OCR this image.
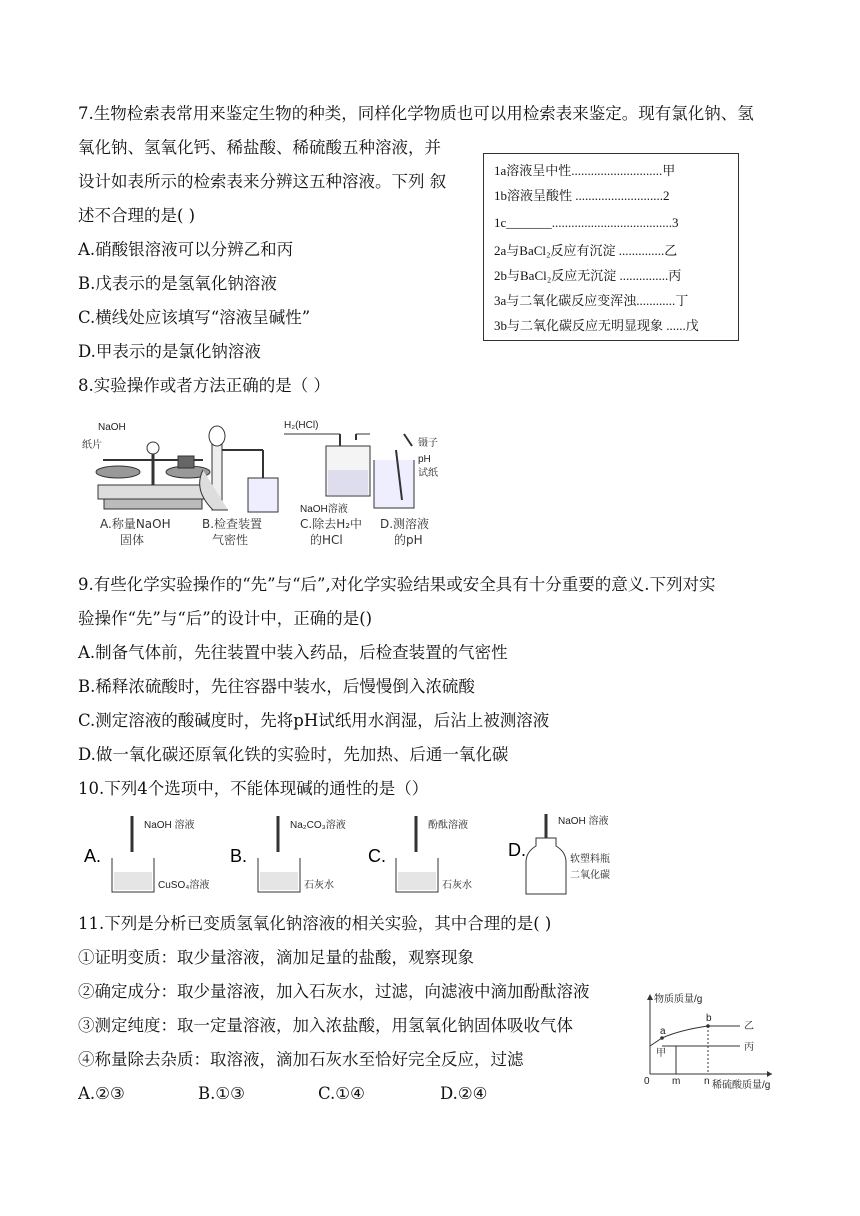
7.生物检索表常用来鉴定生物的种类，同样化学物质也可以用检索表来鉴定。现有氯化钠、氢
氧化钠、氢氧化钙、稀盐酸、稀硫酸五种溶液，并
设计如表所示的检索表来分辨这五种溶液。下列 叙
述不合理的是( )
A.硝酸银溶液可以分辨乙和丙
B.戊表示的是氢氧化钠溶液
C.横线处应该填写“溶液呈碱性”
D.甲表示的是氯化钠溶液
1a溶液呈中性............................甲
1b溶液呈酸性 ...........................2
1c_______.....................................3
2a与BaCl₂反应有沉淀 ..............乙
2b与BaCl₂反应无沉淀 ...............丙
3a与二氧化碳反应变浑浊............丁
3b与二氧化碳反应无明显现象 ......戊
8.实验操作或者方法正确的是（ ）
NaOH
纸片
A.称量NaOH
固体
B.检查装置
气密性
H₂(HCl)
NaOH溶液
C.除去H₂中
的HCl
镊子
pH
试纸
D.测溶液
的pH
9.有些化学实验操作的“先”与“后”,对化学实验结果或安全具有十分重要的意义.下列对实
验操作“先”与“后”的设计中，正确的是()
A.制备气体前，先往装置中装入药品，后检查装置的气密性
B.稀释浓硫酸时，先往容器中装水，后慢慢倒入浓硫酸
C.测定溶液的酸碱度时，先将pH试纸用水润湿，后沾上被测溶液
D.做一氧化碳还原氧化铁的实验时，先加热、后通一氧化碳
10.下列4个选项中，不能体现碱的通性的是（）
A.
NaOH 溶液
CuSO₄溶液
B.
Na₂CO₃溶液
石灰水
C.
酚酞溶液
石灰水
D.
NaOH 溶液
软塑料瓶
二氧化碳
11.下列是分析已变质氢氧化钠溶液的相关实验，其中合理的是( )
①证明变质：取少量溶液，滴加足量的盐酸，观察现象
②确定成分：取少量溶液，加入石灰水，过滤，向滤液中滴加酚酞溶液
③测定纯度：取一定量溶液，加入浓盐酸，用氢氧化钠固体吸收气体
④称量除去杂质：取溶液，滴加石灰水至恰好完全反应，过滤
A.②③	B.①③	C.①④	D.②④
物质质量/g
稀硫酸质量/g
0 m n
a
b
乙
甲
丙
